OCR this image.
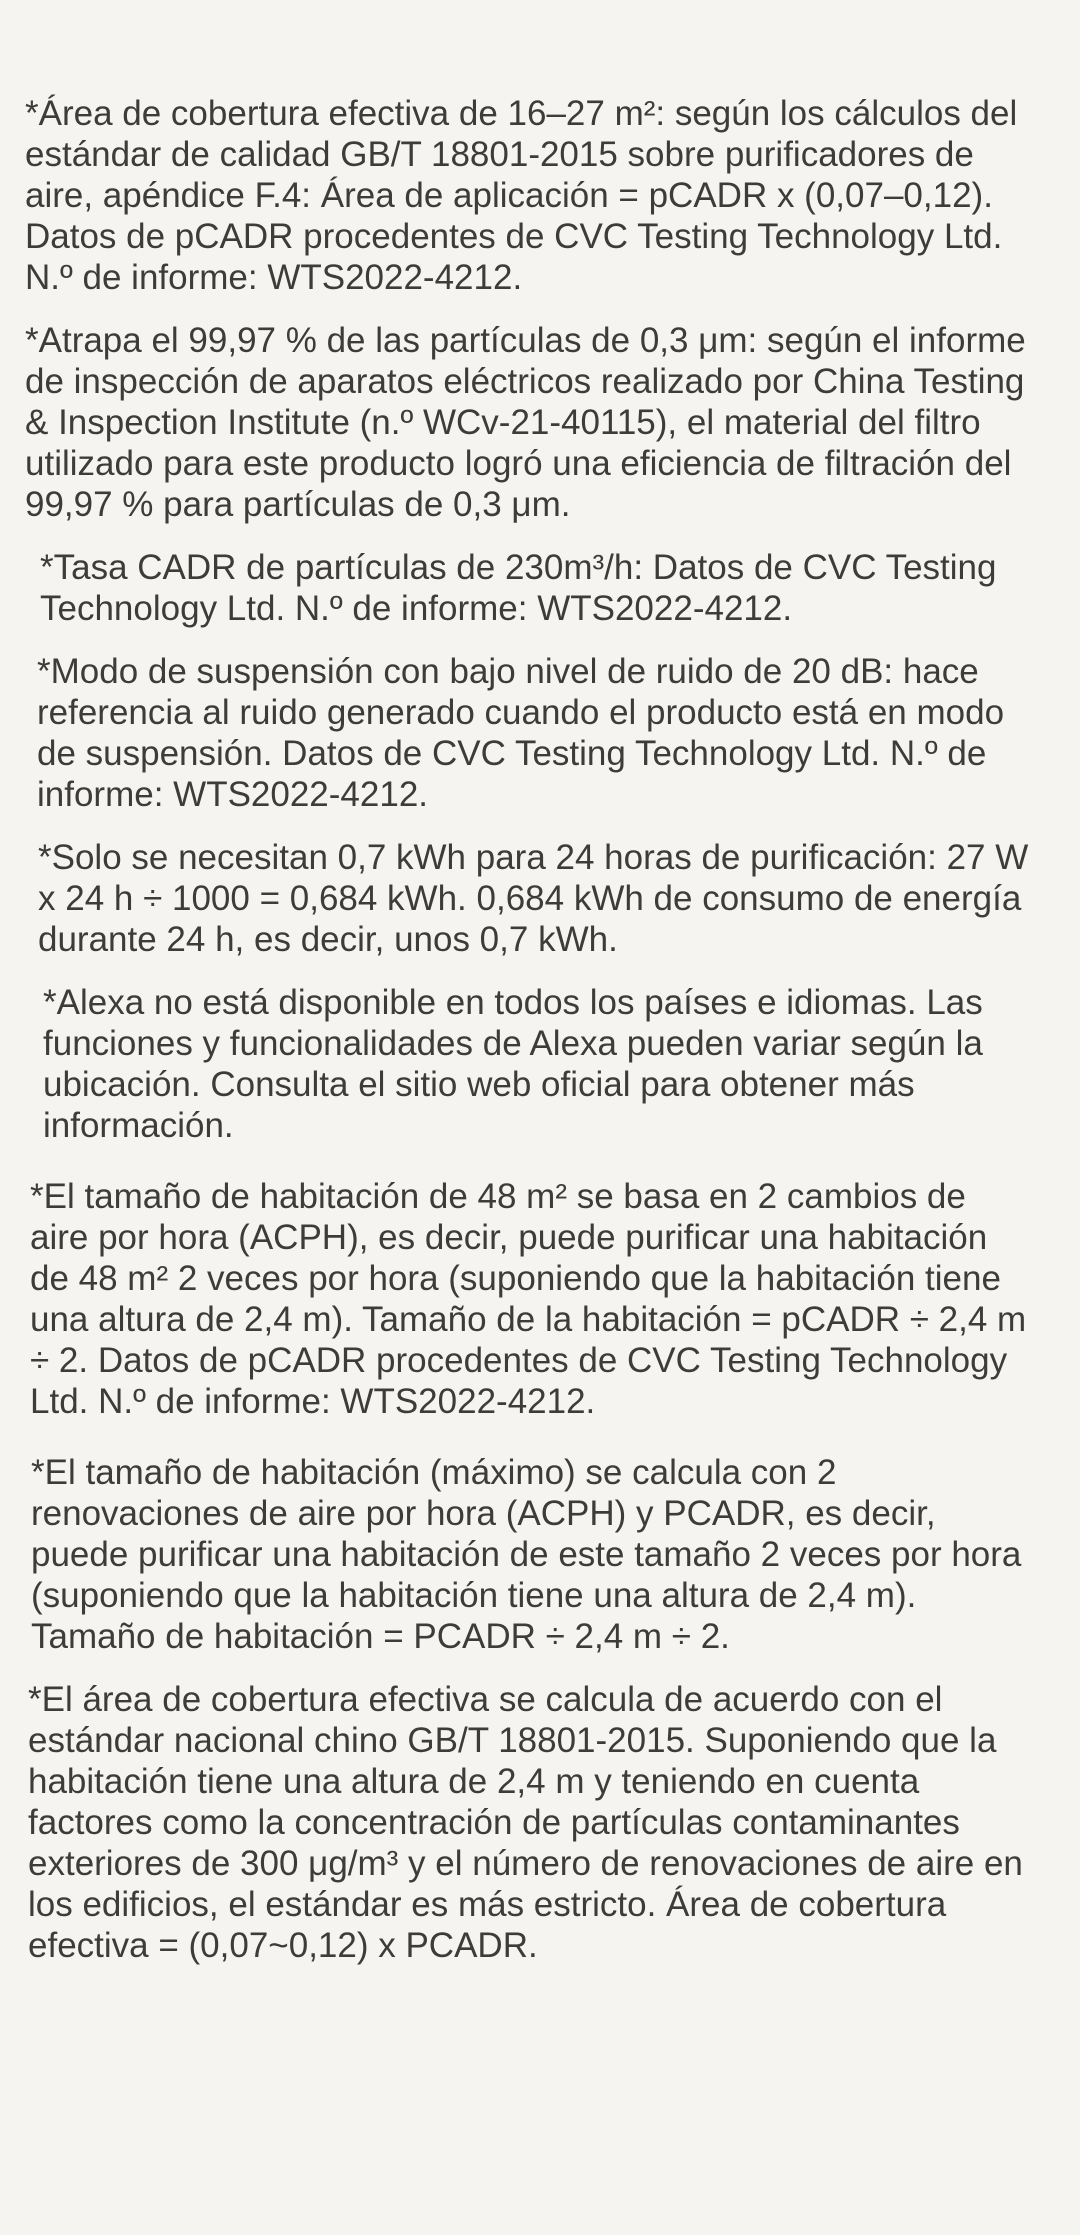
*Área de cobertura efectiva de 16–27 m²: según los cálculos del estándar de calidad GB/T 18801-2015 sobre purificadores de aire, apéndice F.4: Área de aplicación = pCADR x (0,07–0,12). Datos de pCADR procedentes de CVC Testing Technology Ltd. N.º de informe: WTS2022-4212.

*Atrapa el 99,97 % de las partículas de 0,3 μm: según el informe de inspección de aparatos eléctricos realizado por China Testing & Inspection Institute (n.º WCv-21-40115), el material del filtro utilizado para este producto logró una eficiencia de filtración del 99,97 % para partículas de 0,3 μm.

*Tasa CADR de partículas de 230m³/h: Datos de CVC Testing Technology Ltd. N.º de informe: WTS2022-4212.

*Modo de suspensión con bajo nivel de ruido de 20 dB: hace referencia al ruido generado cuando el producto está en modo de suspensión. Datos de CVC Testing Technology Ltd. N.º de informe: WTS2022-4212.

*Solo se necesitan 0,7 kWh para 24 horas de purificación: 27 W x 24 h ÷ 1000 = 0,684 kWh. 0,684 kWh de consumo de energía durante 24 h, es decir, unos 0,7 kWh.

*Alexa no está disponible en todos los países e idiomas. Las funciones y funcionalidades de Alexa pueden variar según la ubicación. Consulta el sitio web oficial para obtener más información.

*El tamaño de habitación de 48 m² se basa en 2 cambios de aire por hora (ACPH), es decir, puede purificar una habitación de 48 m² 2 veces por hora (suponiendo que la habitación tiene una altura de 2,4 m). Tamaño de la habitación = pCADR ÷ 2,4 m ÷ 2. Datos de pCADR procedentes de CVC Testing Technology Ltd. N.º de informe: WTS2022-4212.

*El tamaño de habitación (máximo) se calcula con 2 renovaciones de aire por hora (ACPH) y PCADR, es decir, puede purificar una habitación de este tamaño 2 veces por hora (suponiendo que la habitación tiene una altura de 2,4 m). Tamaño de habitación = PCADR ÷ 2,4 m ÷ 2.

*El área de cobertura efectiva se calcula de acuerdo con el estándar nacional chino GB/T 18801-2015. Suponiendo que la habitación tiene una altura de 2,4 m y teniendo en cuenta factores como la concentración de partículas contaminantes exteriores de 300 μg/m³ y el número de renovaciones de aire en los edificios, el estándar es más estricto. Área de cobertura efectiva = (0,07~0,12) x PCADR.
